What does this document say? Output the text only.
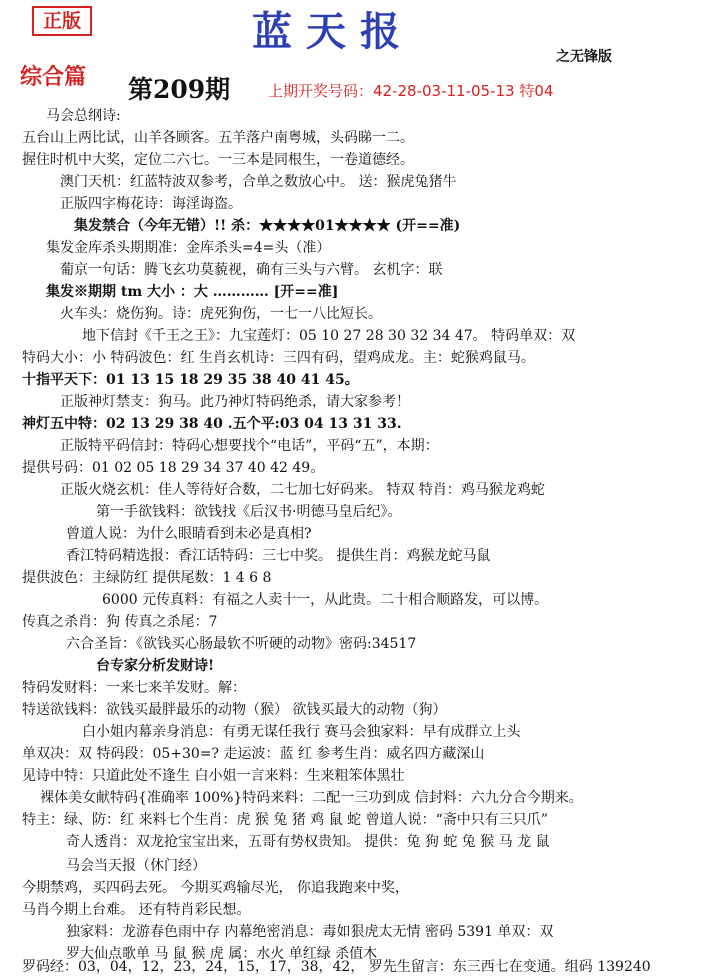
正版	蓝天报
之无锋版
综合篇 第209期	上期开奖号码：42-28-03-11-05-13 特04
马会总纲诗:
五台山上两比试，山羊各顾客。五羊落户南粤城，头码睇一二。
握住时机中大奖，定位二六七。一三本是同根生，一卷道德经。
澳门天机：红蓝特波双参考，合单之数放心中。 送：猴虎兔猪牛
正版四字梅花诗：诲淫诲盗。
集发禁合（今年无错）!! 杀：★★★★01★★★★ (开==准)
集发金库杀头期期准：金库杀头=4=头（准）
葡京一句话：腾飞玄功莫藐视，确有三头与六臂。 玄机字：联
集发※期期 tm 大小 ：大 ………… [开==准]
火车头：烧伤狗。诗：虎死狗伤，一七一八比短长。
地下信封《千王之王》：九宝莲灯：05 10 27 28 30 32 34 47。 特码单双：双
特码大小：小 特码波色：红 生肖玄机诗：三四有码，望鸡成龙。主：蛇猴鸡鼠马。
十指平天下：01 13 15 18 29 35 38 40 41 45。
正版神灯禁支：狗马。此乃神灯特码绝杀，请大家参考！
神灯五中特：02 13 29 38 40 .五个平:03 04 13 31 33.
正版特平码信封：特码心想要找个“电话”，平码“五”，本期：
提供号码：01 02 05 18 29 34 37 40 42 49。
正版火烧玄机：佳人等待好合数，二七加七好码来。 特双 特肖：鸡马猴龙鸡蛇
第一手欲钱料：欲钱找《后汉书·明德马皇后纪》。
曾道人说：为什么眼睛看到未必是真相?
香江特码精选报：香江话特码：三七中奖。 提供生肖：鸡猴龙蛇马鼠
提供波色：主绿防红 提供尾数：1 4 6 8
6000 元传真料：有福之人卖十一，从此贵。二十相合顺路发，可以博。
传真之杀肖：狗 传真之杀尾：7
六合圣旨：《欲钱买心肠最软不听硬的动物》密码:34517
台专家分析发财诗!
特码发财料：一来七来羊发财。解：
特送欲钱料：欲钱买最胖最乐的动物（猴） 欲钱买最大的动物（狗）
白小姐内幕亲身消息：有勇无谋任我行 赛马会独家料：早有成群立上头
单双决：双 特码段：05+30=? 走运波：蓝 红 参考生肖：威名四方藏深山
见诗中特：只道此处不逢生 白小姐一言来料：生来粗笨体黑壮
裸体美女献特码{准确率 100%}特码来料：二配一三功到成 信封料：六九分合今期来。
特主：绿、防：红 来料七个生肖：虎 猴 兔 猪 鸡 鼠 蛇 曾道人说：“斋中只有三只爪”
奇人透肖：双龙抢宝宝出来，五哥有势权贵知。 提供：兔 狗 蛇 兔 猴 马 龙 鼠
马会当天报（休门经）
今期禁鸡，买四码去死。 今期买鸡输尽光， 你追我跑来中奖，
马肖今期上台难。 还有特肖彩民想。
独家料：龙游春色雨中存 内幕绝密消息：毒如狠虎太无情 密码 5391 单双：双
罗大仙点歌单 马 鼠 猴 虎 属：水火 单红绿 杀值木
罗码经：03，04，12，23，24，15，17，38，42， 罗先生留言：东三西七在变通。组码 139240
